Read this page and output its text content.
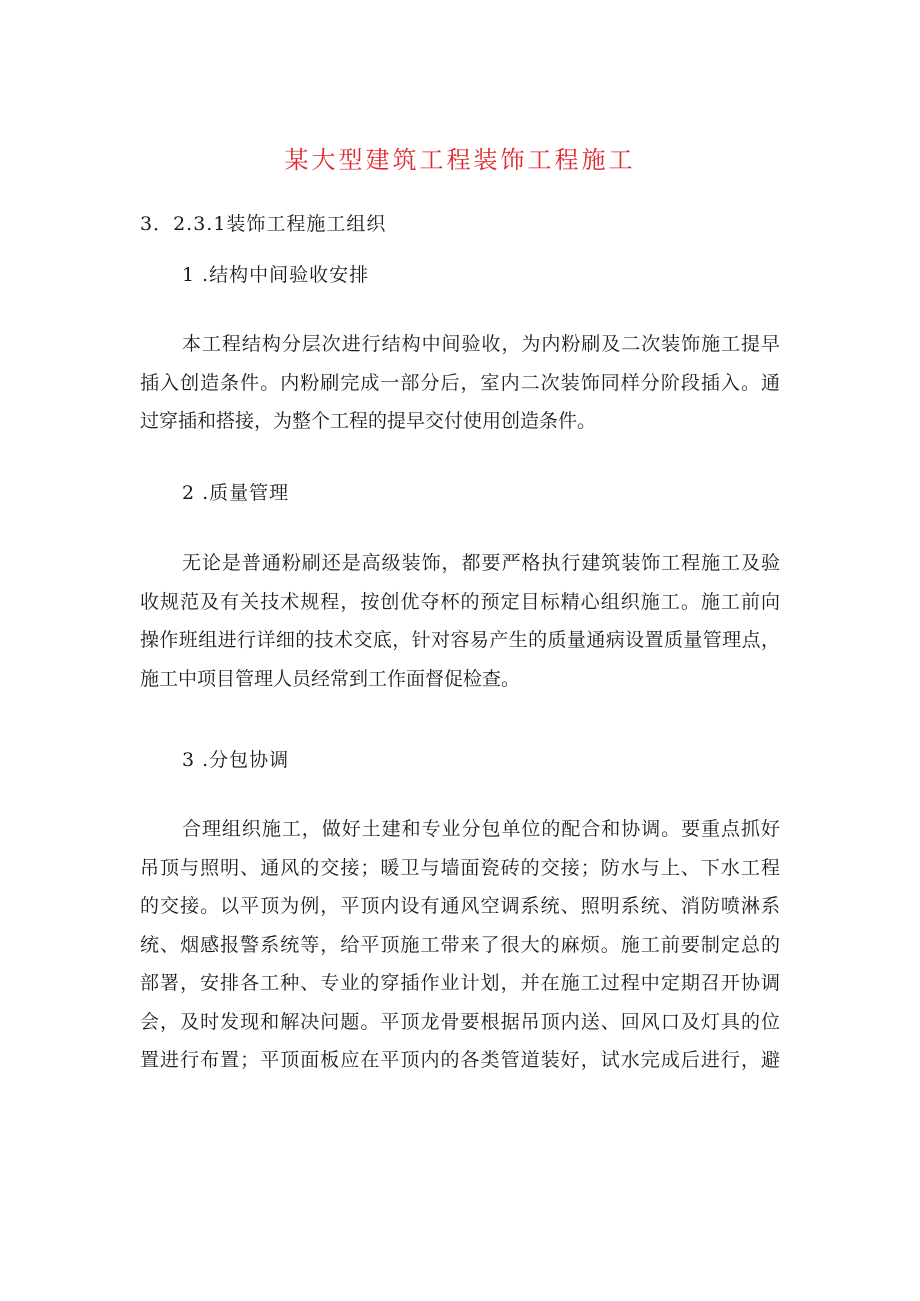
某大型建筑工程装饰工程施工

3．2.3.1装饰工程施工组织

1 .结构中间验收安排

本工程结构分层次进行结构中间验收，为内粉刷及二次装饰施工提早
插入创造条件。内粉刷完成一部分后，室内二次装饰同样分阶段插入。通
过穿插和搭接，为整个工程的提早交付使用创造条件。

2 .质量管理

无论是普通粉刷还是高级装饰，都要严格执行建筑装饰工程施工及验
收规范及有关技术规程，按创优夺杯的预定目标精心组织施工。施工前向
操作班组进行详细的技术交底，针对容易产生的质量通病设置质量管理点，
施工中项目管理人员经常到工作面督促检查。

3 .分包协调

合理组织施工，做好土建和专业分包单位的配合和协调。要重点抓好
吊顶与照明、通风的交接；暖卫与墙面瓷砖的交接；防水与上、下水工程
的交接。以平顶为例，平顶内设有通风空调系统、照明系统、消防喷淋系
统、烟感报警系统等，给平顶施工带来了很大的麻烦。施工前要制定总的
部署，安排各工种、专业的穿插作业计划，并在施工过程中定期召开协调
会，及时发现和解决问题。平顶龙骨要根据吊顶内送、回风口及灯具的位
置进行布置；平顶面板应在平顶内的各类管道装好，试水完成后进行，避
